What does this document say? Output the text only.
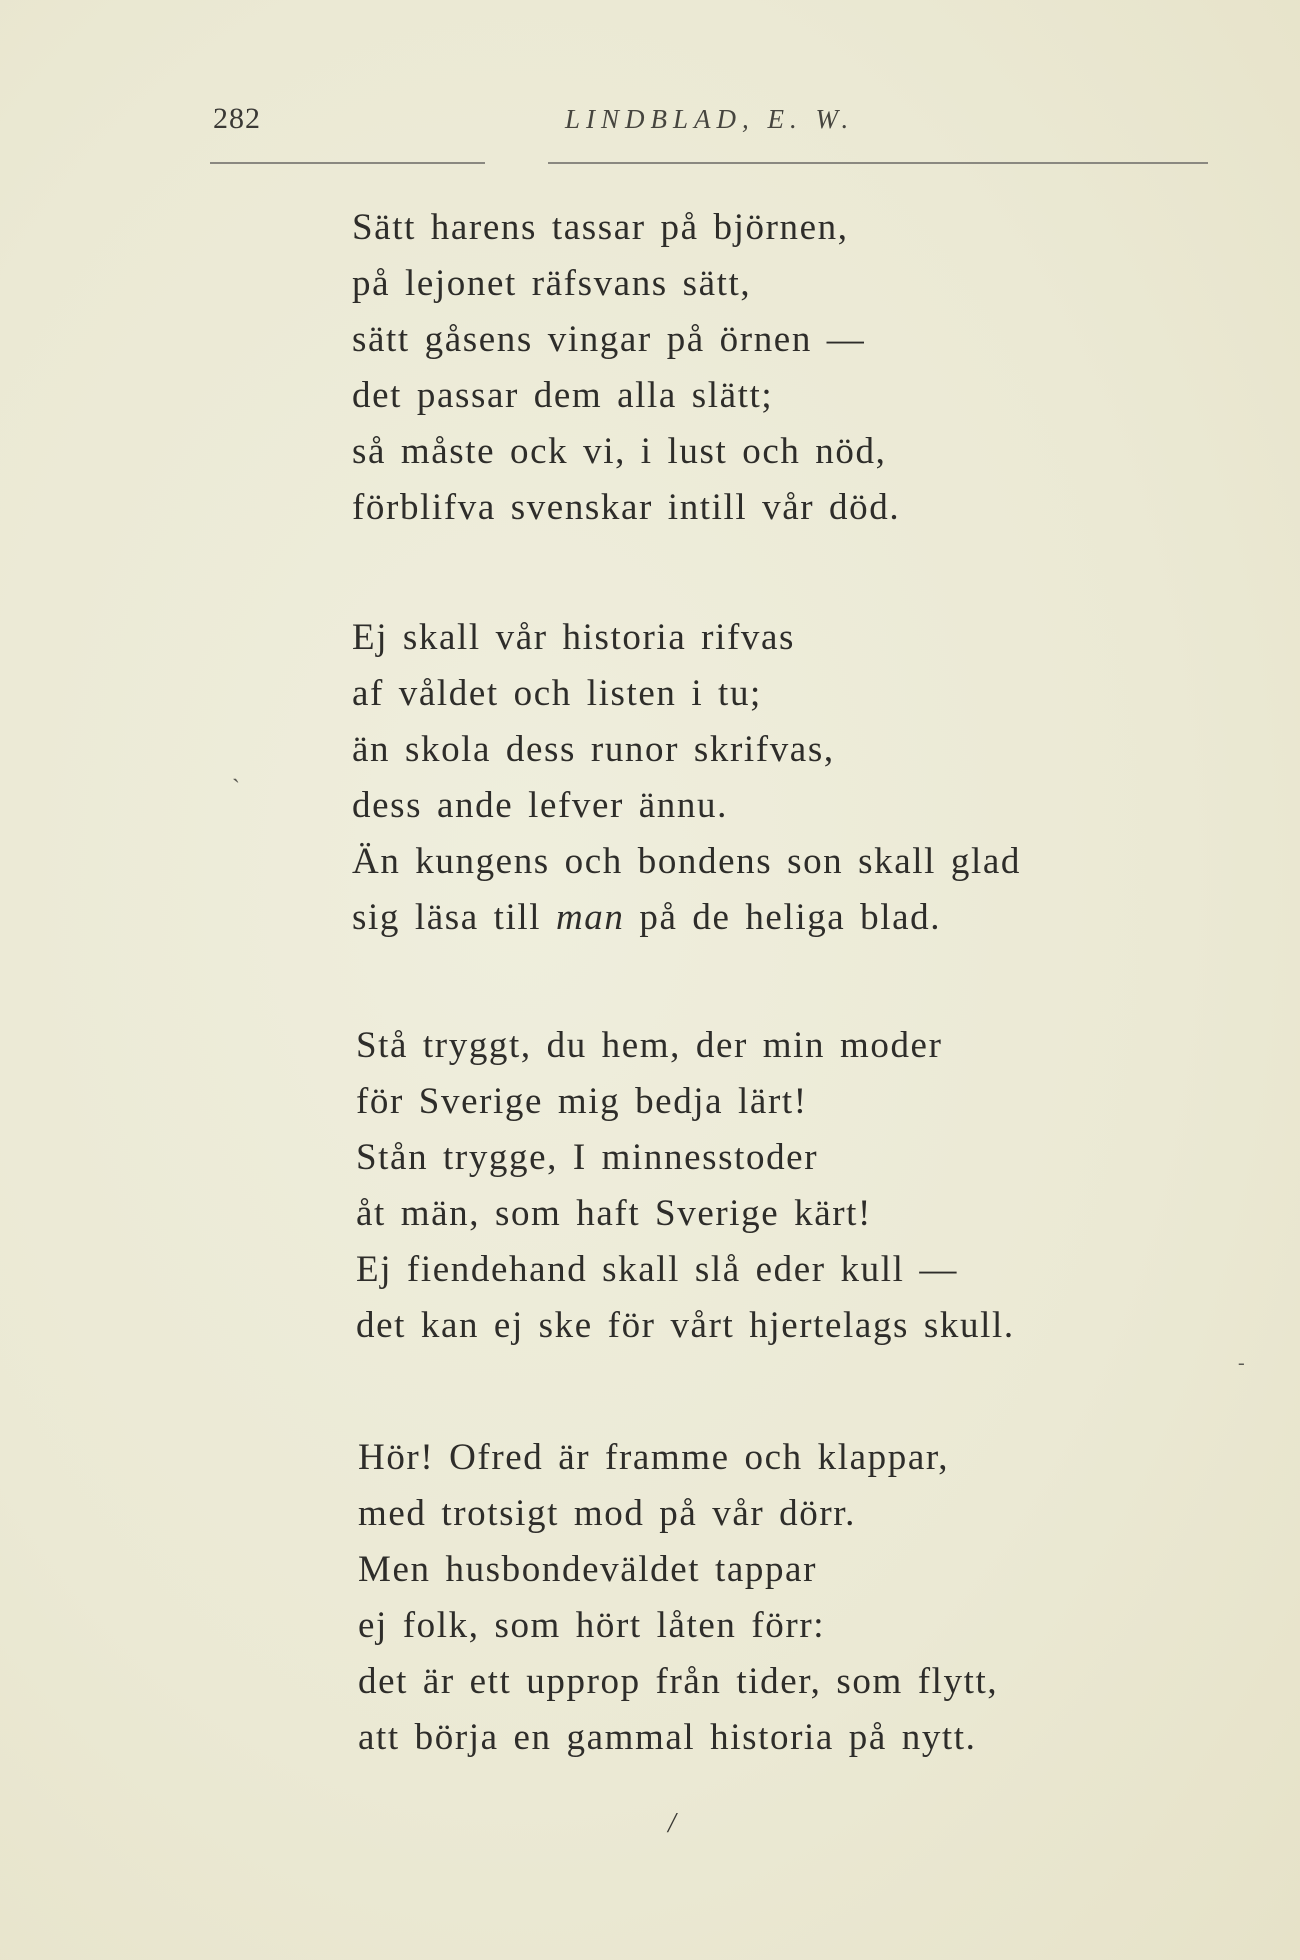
282	LINDBLAD, E. W.
Sätt harens tassar på björnen,
på lejonet räfsvans sätt,
sätt gåsens vingar på örnen —
det passar dem alla slätt;
så måste ock vi, i lust och nöd,
förblifva svenskar intill vår död.
Ej skall vår historia rifvas
af våldet och listen i tu;
än skola dess runor skrifvas,
dess ande lefver ännu.
Än kungens och bondens son skall glad
sig läsa till man på de heliga blad.
Stå tryggt, du hem, der min moder
för Sverige mig bedja lärt!
Stån trygge, I minnesstoder
åt män, som haft Sverige kärt!
Ej fiendehand skall slå eder kull —
det kan ej ske för vårt hjertelags skull.
Hör! Ofred är framme och klappar,
med trotsigt mod på vår dörr.
Men husbondeväldet tappar
ej folk, som hört låten förr:
det är ett upprop från tider, som flytt,
att börja en gammal historia på nytt.
`
-
/
